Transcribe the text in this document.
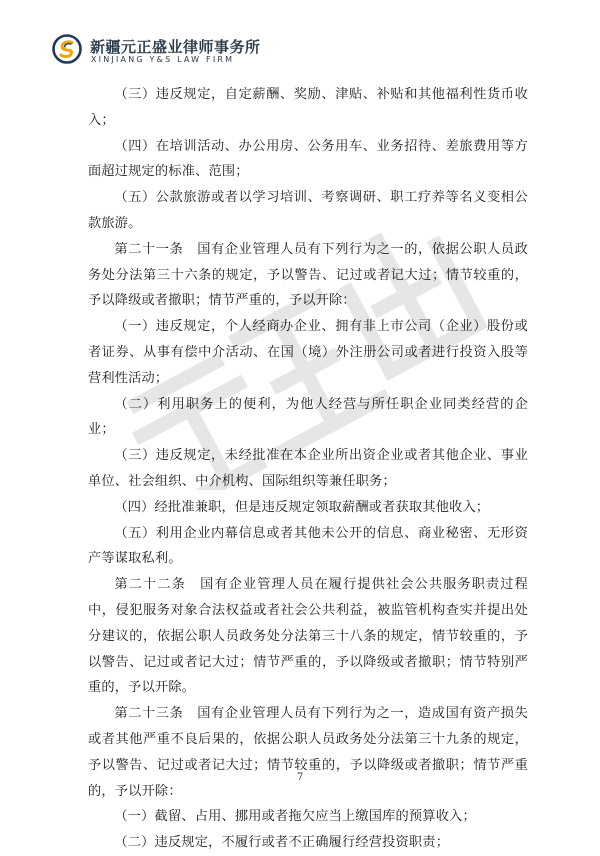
新疆元正盛业律师事务所
XINJIANG Y&S LAW FIRM

（三）违反规定，自定薪酬、奖励、津贴、补贴和其他福利性货币收入；

（四）在培训活动、办公用房、公务用车、业务招待、差旅费用等方面超过规定的标准、范围；

（五）公款旅游或者以学习培训、考察调研、职工疗养等名义变相公款旅游。

第二十一条　国有企业管理人员有下列行为之一的，依据公职人员政务处分法第三十六条的规定，予以警告、记过或者记大过；情节较重的，予以降级或者撤职；情节严重的，予以开除：

（一）违反规定，个人经商办企业、拥有非上市公司（企业）股份或者证券、从事有偿中介活动、在国（境）外注册公司或者进行投资入股等营利性活动；

（二）利用职务上的便利，为他人经营与所任职企业同类经营的企业；

（三）违反规定，未经批准在本企业所出资企业或者其他企业、事业单位、社会组织、中介机构、国际组织等兼任职务；

（四）经批准兼职，但是违反规定领取薪酬或者获取其他收入；

（五）利用企业内幕信息或者其他未公开的信息、商业秘密、无形资产等谋取私利。

第二十二条　国有企业管理人员在履行提供社会公共服务职责过程中，侵犯服务对象合法权益或者社会公共利益，被监管机构查实并提出处分建议的，依据公职人员政务处分法第三十八条的规定，情节较重的，予以警告、记过或者记大过；情节严重的，予以降级或者撤职；情节特别严重的，予以开除。

第二十三条　国有企业管理人员有下列行为之一，造成国有资产损失或者其他严重不良后果的，依据公职人员政务处分法第三十九条的规定，予以警告、记过或者记大过；情节较重的，予以降级或者撤职；情节严重的，予以开除：

（一）截留、占用、挪用或者拖欠应当上缴国库的预算收入；

（二）违反规定，不履行或者不正确履行经营投资职责；

7
